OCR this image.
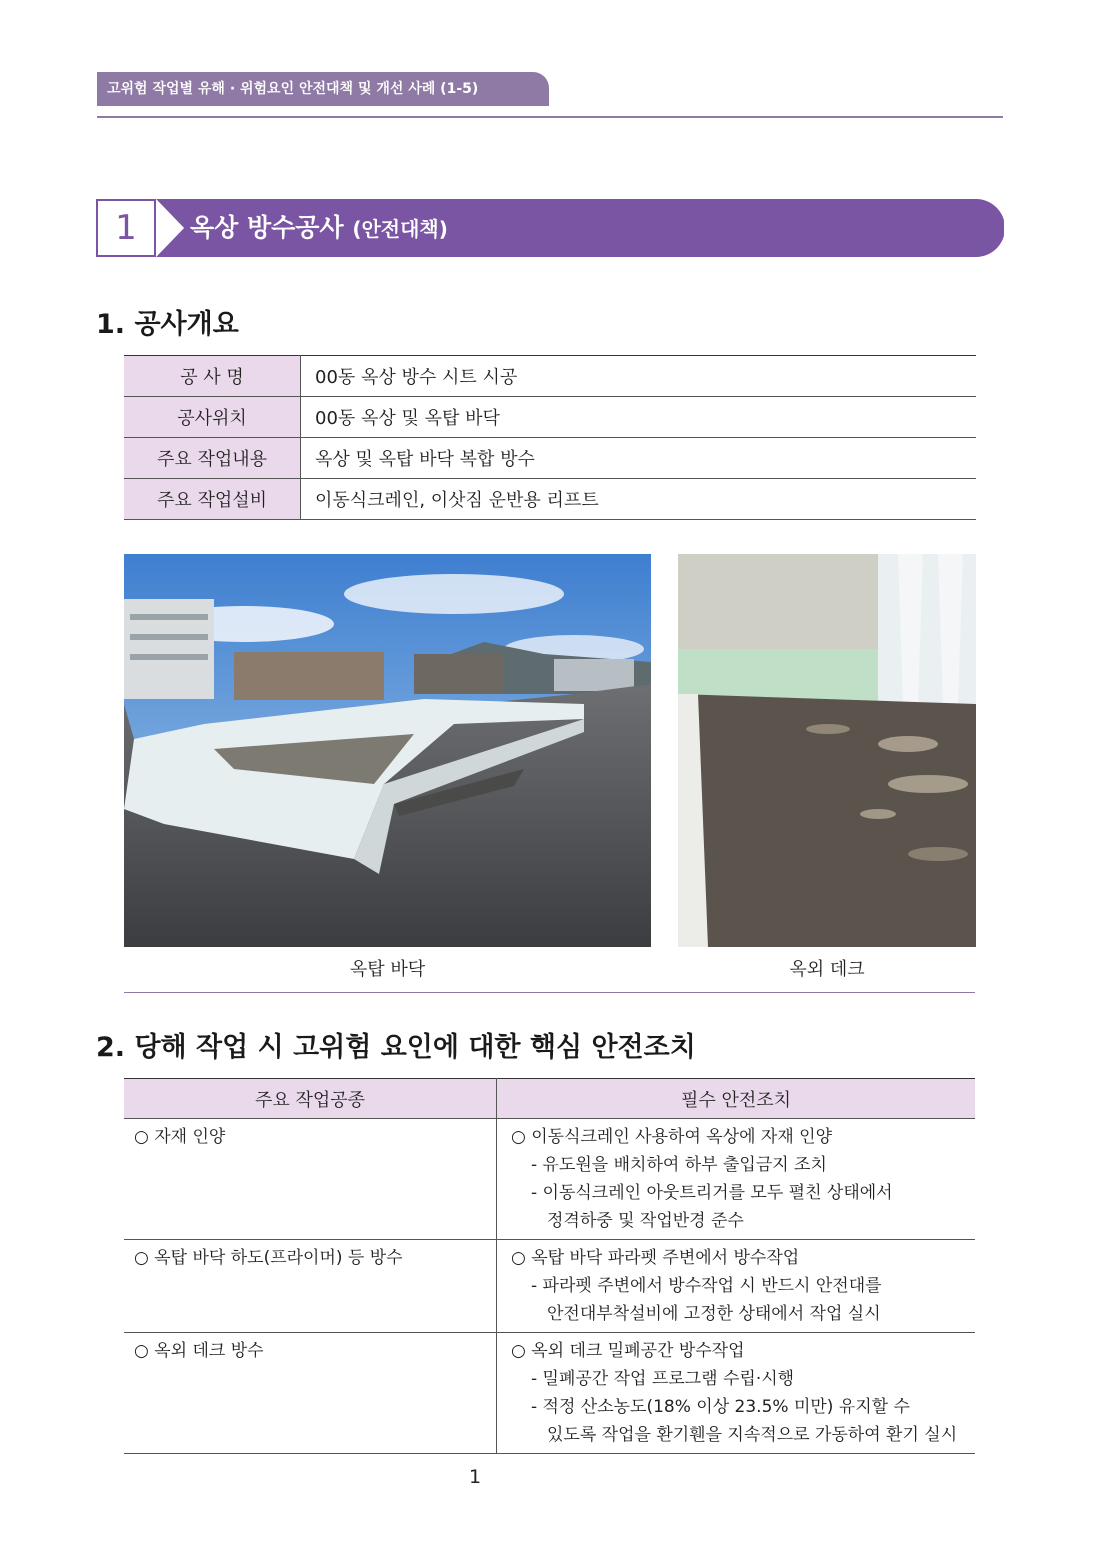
고위험 작업별 유해 · 위험요인 안전대책 및 개선 사례 (1-5)
1	옥상 방수공사 (안전대책)
1. 공사개요
공 사 명	00동 옥상 방수 시트 시공
공사위치	00동 옥상 및 옥탑 바닥
주요 작업내용	옥상 및 옥탑 바닥 복합 방수
주요 작업설비	이동식크레인, 이삿짐 운반용 리프트
옥탑 바닥	옥외 데크
2. 당해 작업 시 고위험 요인에 대한 핵심 안전조치
주요 작업공종	필수 안전조치
○ 자재 인양	○ 이동식크레인 사용하여 옥상에 자재 인양
- 유도원을 배치하여 하부 출입금지 조치
- 이동식크레인 아웃트리거를 모두 펼친 상태에서
정격하중 및 작업반경 준수

○ 옥탑 바닥 하도(프라이머) 등 방수	○ 옥탑 바닥 파라펫 주변에서 방수작업
- 파라펫 주변에서 방수작업 시 반드시 안전대를
안전대부착설비에 고정한 상태에서 작업 실시

○ 옥외 데크 방수	○ 옥외 데크 밀폐공간 방수작업
- 밀폐공간 작업 프로그램 수립·시행
- 적정 산소농도(18% 이상 23.5% 미만) 유지할 수
있도록 작업을 환기휀을 지속적으로 가동하여 환기 실시
1
